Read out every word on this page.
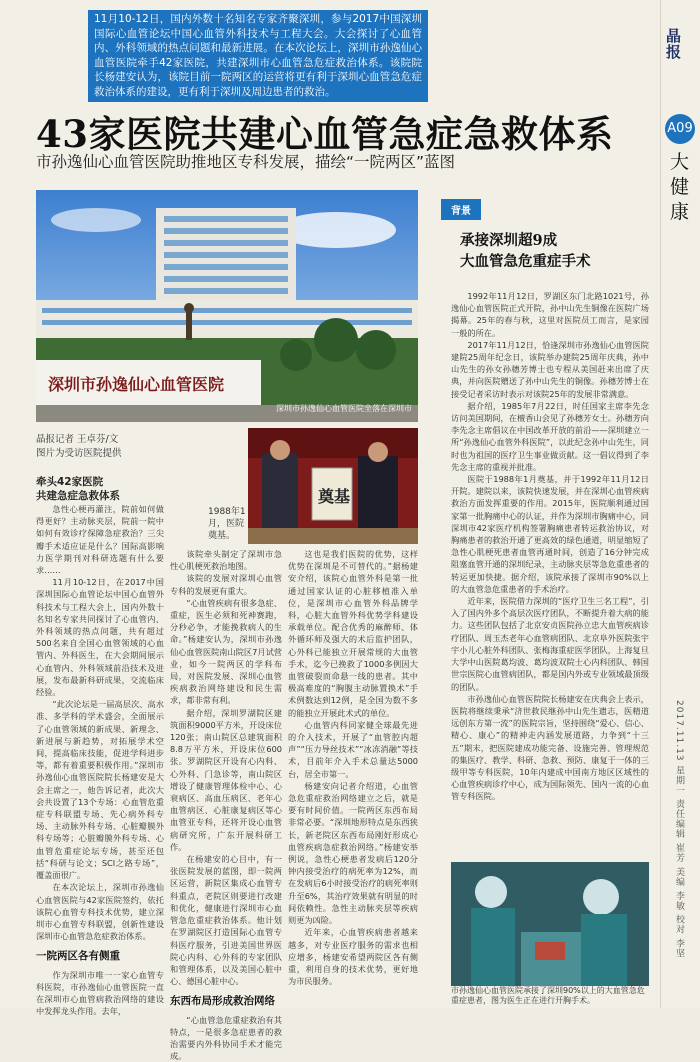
11月10-12日，国内外数十名知名专家齐聚深圳，参与2017中国深圳国际心血管论坛中国心血管外科技术与工程大会。大会探讨了心血管内、外科领域的热点问题和最新进展。在本次论坛上，深圳市孙逸仙心血管医院牵手42家医院，共建深圳市心血管急危症救治体系。该院院长杨建安认为，该院目前一院两区的运营将更有利于深圳心血管急危症救治体系的建设，更有利于深圳及周边患者的救治。
43家医院共建心血管急症急救体系
市孙逸仙心血管医院助推地区专科发展，描绘“一院两区”蓝图
深圳市孙逸仙心血管医院
深圳市孙逸仙心血管医院坐落在深圳市
晶报记者 王卓芬/文
图片为受访医院提供
牵头42家医院
共建急症急救体系
1988年1月，医院奠基。
奠基

急性心梗再灌注，院前如何做得更好？主动脉夹层，院前一院中如何有效诊疗保障急症救治？三尖瓣手术适应证是什么？国际高影响力医学期刊对科研选题有什么要求……

11月10-12日，在2017中国深圳国际心血管论坛中国心血管外科技术与工程大会上，国内外数十名知名专家共同探讨了心血管内、外科领域的热点问题，共有超过500名来自全国心血管领域的心血管内、外科医生，在大会期间展示心血管内、外科领域前沿技术及进展，发布最新科研成果，交流临床经验。

“此次论坛是一届高层次、高水准、多学科的学术盛会，全面展示了心血管领域的新成果、新理念、新进展与新趋势，对拓展学术空间，提高临床技能，促进学科进步等，都有着重要积极作用。”深圳市孙逸仙心血管医院院长杨建安是大会主席之一，他告诉记者，此次大会共设置了13个专场：心血管危重症专科联盟专场、先心病外科专场、主动脉外科专场、心脏瓣膜外科专场等；心脏瓣膜外科专场、心血管危重症论坛专场，甚至还包括“科研与论文；SCI之路专场”，覆盖面很广。

在本次论坛上，深圳市孙逸仙心血管医院与42家医院签约，依托该院心血管专科技术优势，建立深圳市心血管专科联盟，创新性建设深圳市心血管急危症救治体系。

一院两区各有侧重

作为深圳市唯一一家心血管专科医院，市孙逸仙心血管医院一直在深圳市心血管病救治网络的建设中发挥龙头作用。去年，

该院牵头制定了深圳市急性心肌梗死救治地图。

该院的发展对深圳心血管专科的发展更有重大。

“心血管疾病有很多急症、重症，医生必须和死神赛跑，分秒必争，才能挽救病人的生命。”杨建安认为，深圳市孙逸仙心血管医院南山院区7月试营业，如今一院两区的学科布局，对医院发展、深圳心血管疾病救治网络建设和民生需求，都非常有利。

据介绍，深圳罗湖院区建筑面积9000平方米，开设床位120张；南山院区总建筑面积8.8万平方米，开设床位600张。罗湖院区开设有心内科、心外科、门急诊等，南山院区增设了健康管理体检中心、心衰病区、高血压病区、老年心血管病区、心脏康复病区等心血管亚专科，还将开设心血管病研究所，广东开展科研工作。

在杨建安的心目中，有一张医院发展的蓝图，即一院两区运营，新院区集成心血管专科重点，老院区则要进行改建和优化，健康进行深圳市心血管急危重症救治体系。他计划在罗湖院区打造国际心血管专科医疗服务，引进美国世界医院心内科、心外科的专家团队和管理体系，以及美国心脏中心、德国心脏中心。

东西布局形成救治网络

“心血管急危重症救治有其特点，一是很多急症患者的救治需要内外科协同手术才能完成。

这也是我们医院的优势，这样优势在深圳是不可替代的。”据杨建安介绍，该院心血管外科是第一批通过国家认证的心脏移植准入单位，是深圳市心血管外科品牌学科，心脏大血管外科优势学科建设承载单位。配合优秀的麻醉师、体外循环师及强大的术后监护团队，心外科已能独立开展常规的大血管手术，迄今已挽救了1000多例因大血管破裂而命悬一线的患者。其中极高难度的“胸腹主动脉置换术”手术例数达到12例，是全国为数不多的能独立开展此术式的单位。

心血管内科同家健全球最先进的介入技术，开展了“血管腔内超声”“压力导丝技术”“冰冻消融”等技术，目前年介入手术总量达5000台，居全市第一。

杨建安向记者介绍道，心血管急危重症救治网络建立之后，就是要有时间价值。一院两区东西布局非常必要。“深圳地形特点是东西狭长，新老院区东西布局刚好形成心血管疾病急症救治网络。”杨建安举例说，急性心梗患者发病后120分钟内接受治疗的病死率为12%，而在发病后6小时接受治疗的病死率则升至6%，其治疗效果就有明显的时间依赖性。急性主动脉夹层等疾病则更为凶险。

近年来，心血管疾病患者越来越多，对专业医疗服务的需求也相应增多，杨建安希望两院区各有侧重，利用自身的技术优势，更好地为市民服务。

背景
承接深圳超9成
大血管急危重症手术

1992年11月12日，罗湖区东门北路1021号，孙逸仙心血管医院正式开院，孙中山先生铜像在医院广场揭幕。25年的春与秋，这里对医院员工而言，是家园一般的所在。

2017年11月12日，恰逢深圳市孙逸仙心血管医院建院25周年纪念日，该院举办建院25周年庆典，孙中山先生的孙女孙穗芳博士也专程从美国赶来出席了庆典，并向医院赠送了孙中山先生的铜像。孙穗芳博士在接受记者采访时表示对该院25年的发展非常满意。

据介绍，1985年7月22日，时任国家主席李先念访问美国期间，在檀香山会见了孙穗芳女士。孙穗芳向李先念主席倡议在中国改革开放的前沿——深圳建立一所“孙逸仙心血管外科医院”，以此纪念孙中山先生，同时也为祖国的医疗卫生事业做贡献。这一倡议得到了李先念主席的重视并批准。

医院于1988年1月奠基，并于1992年11月12日开院。建院以来，该院快速发展，并在深圳心血管疾病救治方面发挥重要的作用。2015年，医院顺利通过国家第一批胸痛中心的认证，并作为深圳市胸痛中心，同深圳市42家医疗机构签署胸痛患者转运救治协议，对胸痛患者的救治开通了更高效的绿色通道，明显缩短了急性心肌梗死患者血管再通时间，创造了16分钟完成阻塞血管开通的深圳纪录，主动脉夹层等急危重患者的转运更加快捷。据介绍，该院承接了深圳市90%以上的大血管急危重患者的手术治疗。

近年来，医院借力深圳的“医疗卫生三名工程”，引入了国内外多个高层次医疗团队，不断提升着大病的能力。这些团队包括了北京安贞医院孙立忠大血管疾病诊疗团队、周玉杰老年心血管病团队、北京阜外医院张宇宇小儿心脏外科团队、张梅海重症医学团队，上海复旦大学中山医院葛均波、葛均波双院士心内科团队、韩国世宗医院心血管病团队，都是国内外或专业领域最顶级的团队。

市孙逸仙心血管医院院长杨建安在庆典会上表示，医院将继续秉承“济世救民继孙中山先生遗志，医精道远创东方第一流”的医院宗旨，坚持围绕“爱心、信心、精心、康心”的精神走内涵发展道路，力争到“十三五”期末，把医院建成功能完备、设施完善、管理规范的集医疗、教学、科研、急救、预防、康复于一体的三级甲等专科医院，10年内建成中国南方地区区域性的心血管疾病诊疗中心，成为国际领先、国内一流的心血管专科医院。

市孙逸仙心血管医院承接了深圳90%以上的大血管急危重症患者，图为医生正在进行开胸手术。
晶报
A09
大健康
2017.11.13 星期一 责任编辑 崔芳 美编 李敏 校对 李坚
